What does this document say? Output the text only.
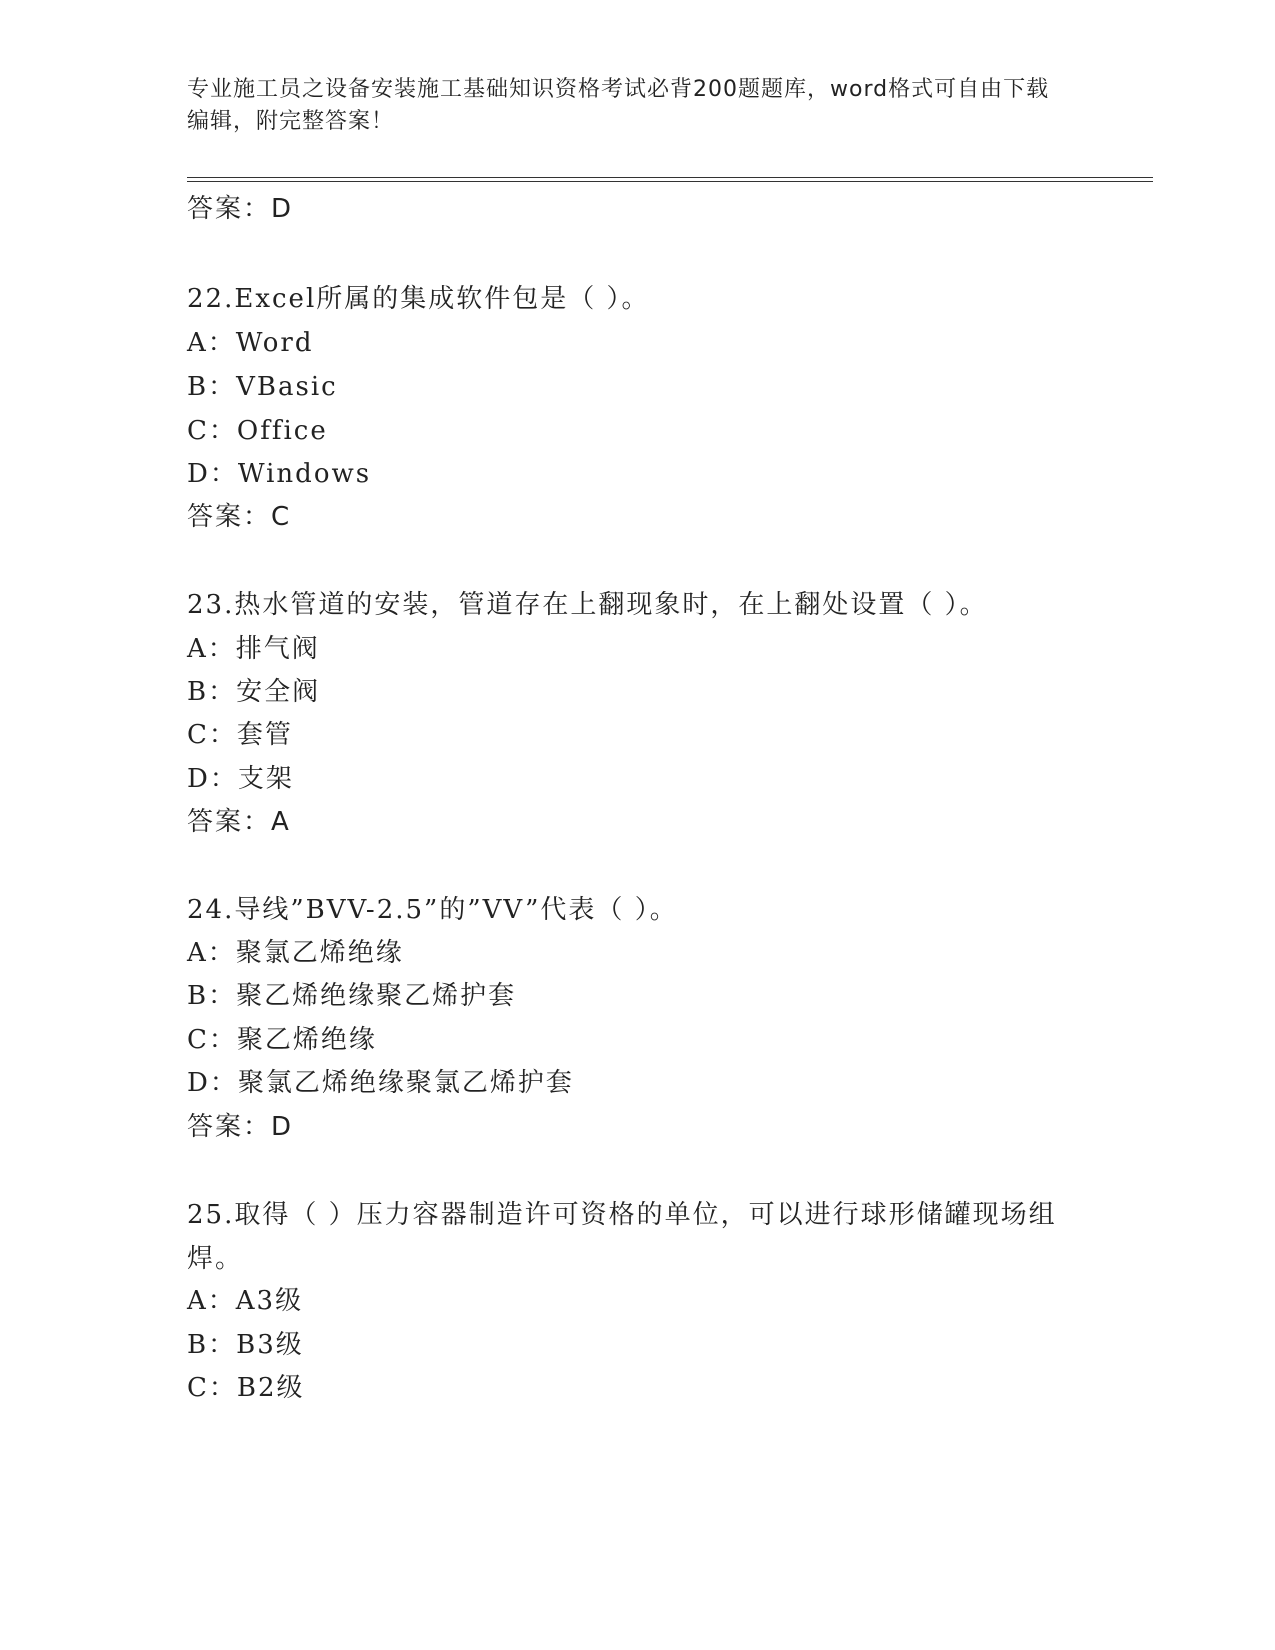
专业施工员之设备安装施工基础知识资格考试必背200题题库，word格式可自由下载编辑，附完整答案！
答案：D
22.Excel所属的集成软件包是（ ）。
A：Word
B：VBasic
C：Office
D：Windows
答案：C
23.热水管道的安装，管道存在上翻现象时，在上翻处设置（ ）。
A：排气阀
B：安全阀
C：套管
D：支架
答案：A
24.导线”BVV-2.5”的”VV”代表（ ）。
A：聚氯乙烯绝缘
B：聚乙烯绝缘聚乙烯护套
C：聚乙烯绝缘
D：聚氯乙烯绝缘聚氯乙烯护套
答案：D
25.取得（ ）压力容器制造许可资格的单位，可以进行球形储罐现场组焊。
A：A3级
B：B3级
C：B2级
